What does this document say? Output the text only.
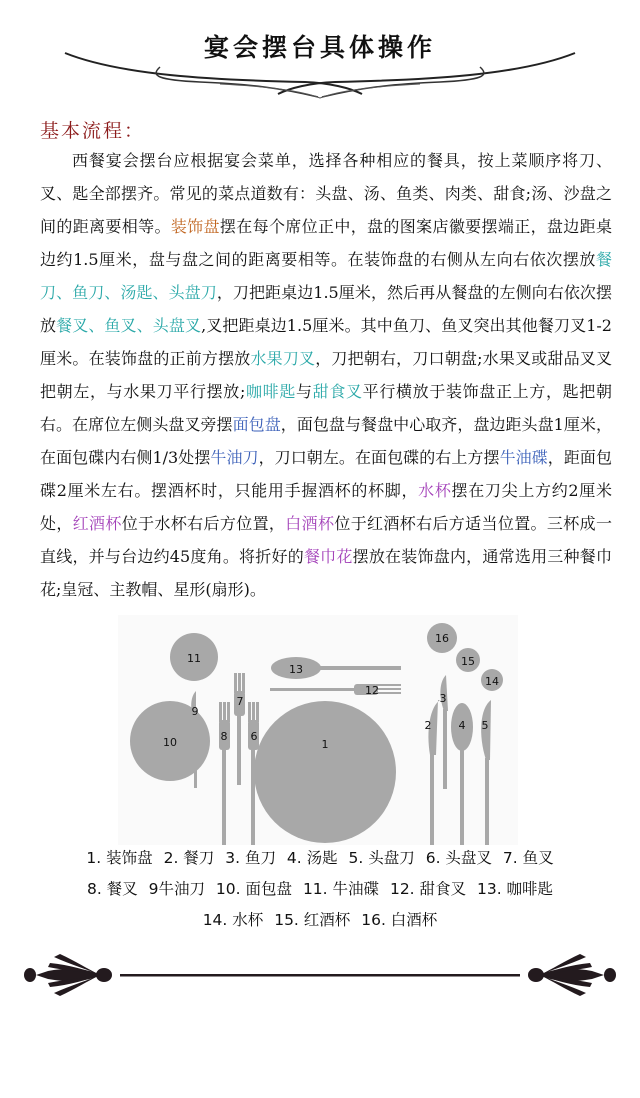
宴会摆台具体操作
基本流程：

西餐宴会摆台应根据宴会菜单，选择各种相应的餐具，按上菜顺序将刀、叉、匙全部摆齐。常见的菜点道数有：头盘、汤、鱼类、肉类、甜食;汤、沙盘之间的距离要相等。装饰盘摆在每个席位正中，盘的图案店徽要摆端正，盘边距桌边约1.5厘米，盘与盘之间的距离要相等。在装饰盘的右侧从左向右依次摆放餐刀、鱼刀、汤匙、头盘刀，刀把距桌边1.5厘米，然后再从餐盘的左侧向右依次摆放餐叉、鱼叉、头盘叉,叉把距桌边1.5厘米。其中鱼刀、鱼叉突出其他餐刀叉1-2厘米。在装饰盘的正前方摆放水果刀叉，刀把朝右，刀口朝盘;水果叉或甜品叉叉把朝左，与水果刀平行摆放;咖啡匙与甜食叉平行横放于装饰盘正上方，匙把朝右。在席位左侧头盘叉旁摆面包盘，面包盘与餐盘中心取齐，盘边距头盘1厘米，在面包碟内右侧1/3处摆牛油刀，刀口朝左。在面包碟的右上方摆牛油碟，距面包碟2厘米左右。摆酒杯时，只能用手握酒杯的杯脚，水杯摆在刀尖上方约2厘米处，红酒杯位于水杯右后方位置，白酒杯位于红酒杯右后方适当位置。三杯成一直线，并与台边约45度角。将折好的餐巾花摆放在装饰盘内，通常选用三种餐巾花;皇冠、主教帽、星形(扇形)。

1
2
3
4 5
6
7
8
9
10
11
12
13
14
15
16
1. 装饰盘 2. 餐刀 3. 鱼刀 4. 汤匙 5. 头盘刀 6. 头盘叉 7. 鱼叉
8. 餐叉 9牛油刀 10. 面包盘 11. 牛油碟 12. 甜食叉 13. 咖啡匙
14. 水杯 15. 红酒杯 16. 白酒杯
